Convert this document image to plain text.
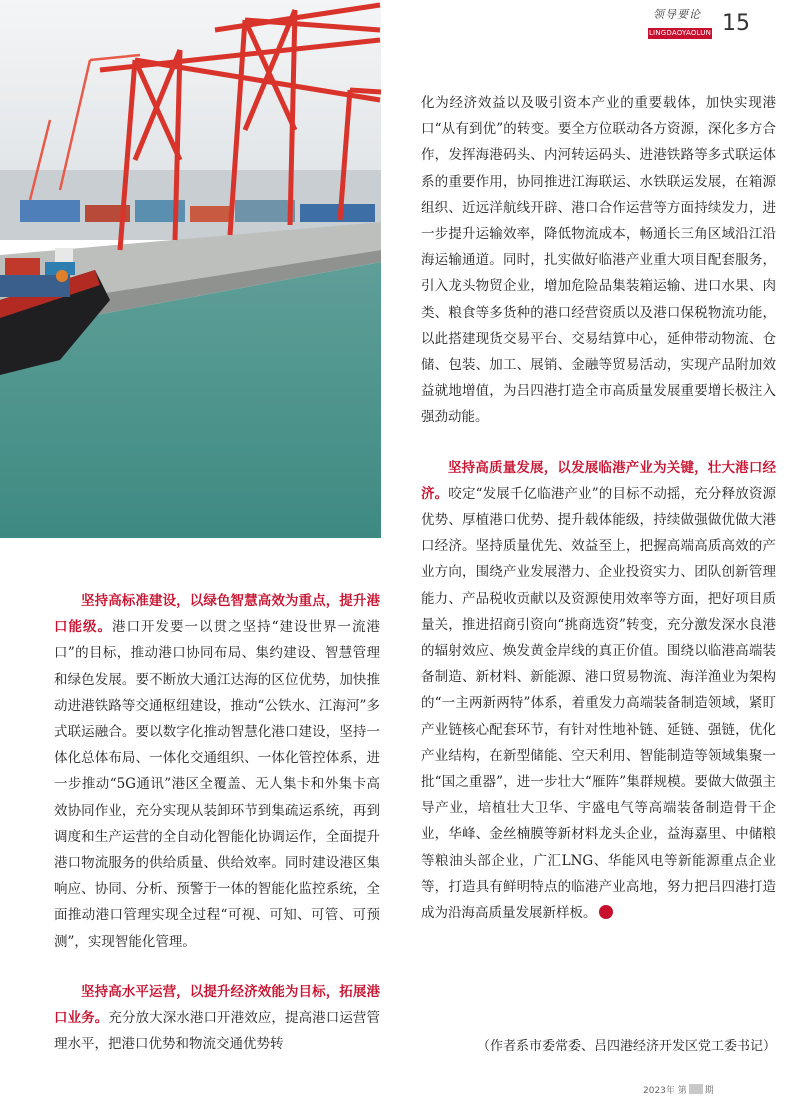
领导要论
LINGDAOYAOLUN 15

化为经济效益以及吸引资本产业的重要载体，加快实现港口“从有到优”的转变。要全方位联动各方资源，深化多方合作，发挥海港码头、内河转运码头、进港铁路等多式联运体系的重要作用，协同推进江海联运、水铁联运发展，在箱源组织、近远洋航线开辟、港口合作运营等方面持续发力，进一步提升运输效率，降低物流成本，畅通长三角区域沿江沿海运输通道。同时，扎实做好临港产业重大项目配套服务，引入龙头物贸企业，增加危险品集装箱运输、进口水果、肉类、粮食等多货种的港口经营资质以及港口保税物流功能，以此搭建现货交易平台、交易结算中心，延伸带动物流、仓储、包装、加工、展销、金融等贸易活动，实现产品附加效益就地增值，为吕四港打造全市高质量发展重要增长极注入强劲动能。

坚持高质量发展，以发展临港产业为关键，壮大港口经济。咬定“发展千亿临港产业”的目标不动摇，充分释放资源优势、厚植港口优势、提升载体能级，持续做强做优做大港口经济。坚持质量优先、效益至上，把握高端高质高效的产业方向，围绕产业发展潜力、企业投资实力、团队创新管理能力、产品税收贡献以及资源使用效率等方面，把好项目质量关，推进招商引资向“挑商选资”转变，充分激发深水良港的辐射效应、焕发黄金岸线的真正价值。围绕以临港高端装备制造、新材料、新能源、港口贸易物流、海洋渔业为架构的“一主两新两特”体系，着重发力高端装备制造领域，紧盯产业链核心配套环节，有针对性地补链、延链、强链，优化产业结构，在新型储能、空天利用、智能制造等领域集聚一批“国之重器”，进一步壮大“雁阵”集群规模。要做大做强主导产业，培植壮大卫华、宇盛电气等高端装备制造骨干企业，华峰、金丝楠膜等新材料龙头企业，益海嘉里、中储粮等粮油头部企业，广汇LNG、华能风电等新能源重点企业等，打造具有鲜明特点的临港产业高地，努力把吕四港打造成为沿海高质量发展新样板。

坚持高标准建设，以绿色智慧高效为重点，提升港口能级。港口开发要一以贯之坚持“建设世界一流港口”的目标，推动港口协同布局、集约建设、智慧管理和绿色发展。要不断放大通江达海的区位优势，加快推动进港铁路等交通枢纽建设，推动“公铁水、江海河”多式联运融合。要以数字化推动智慧化港口建设，坚持一体化总体布局、一体化交通组织、一体化管控体系，进一步推动“5G通讯”港区全覆盖、无人集卡和外集卡高效协同作业，充分实现从装卸环节到集疏运系统，再到调度和生产运营的全自动化智能化协调运作，全面提升港口物流服务的供给质量、供给效率。同时建设港区集响应、协同、分析、预警于一体的智能化监控系统，全面推动港口管理实现全过程“可视、可知、可管、可预测”，实现智能化管理。

坚持高水平运营，以提升经济效能为目标，拓展港口业务。充分放大深水港口开港效应，提高港口运营管理水平，把港口优势和物流交通优势转	（作者系市委常委、吕四港经济开发区党工委书记）
2023年 第 期
